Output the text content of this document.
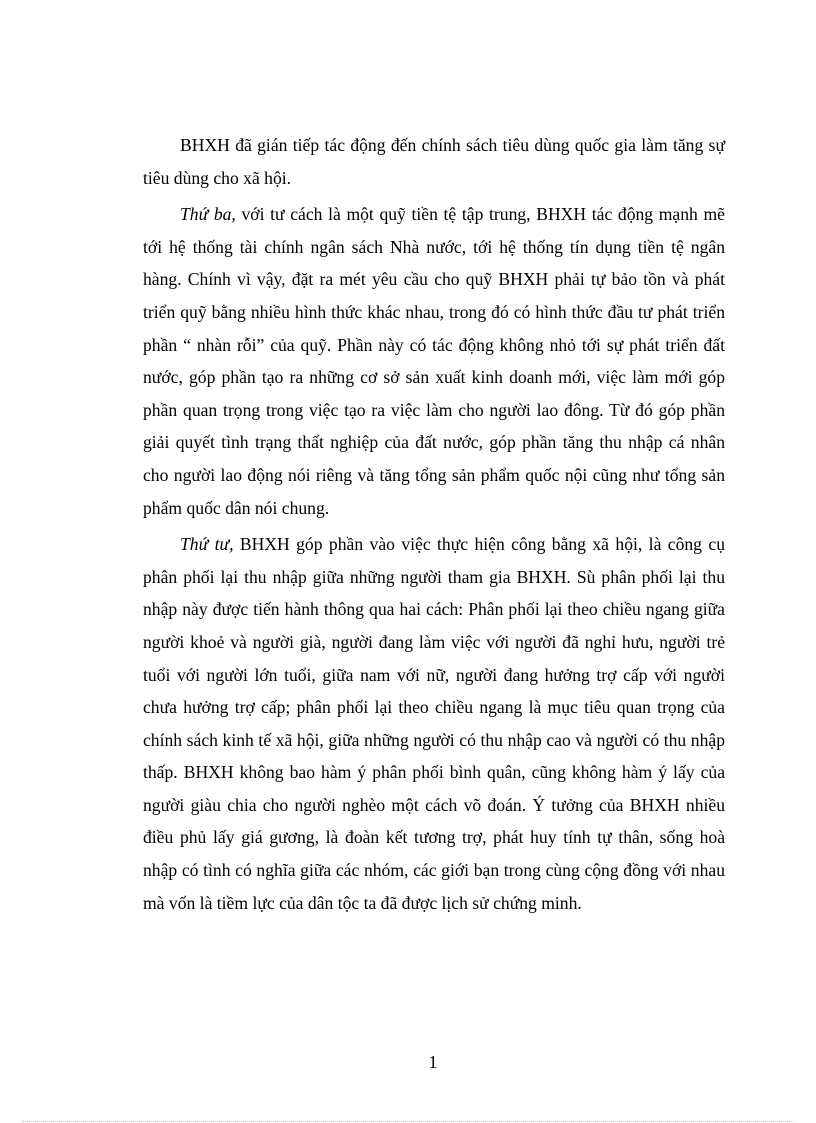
BHXH đã gián tiếp tác động đến chính sách tiêu dùng quốc gia làm tăng sự tiêu dùng cho xã hội.

Thứ ba, với tư cách là một quỹ tiền tệ tập trung, BHXH tác động mạnh mẽ tới hệ thống tài chính ngân sách Nhà nước, tới hệ thống tín dụng tiền tệ ngân hàng. Chính vì vậy, đặt ra mét yêu cầu cho quỹ BHXH phải tự bảo tồn và phát triển quỹ bằng nhiều hình thức khác nhau, trong đó có hình thức đầu tư phát triển phần “ nhàn rỗi” của quỹ. Phần này có tác động không nhỏ tới sự phát triển đất nước, góp phần tạo ra những cơ sở sản xuất kinh doanh mới, việc làm mới góp phần quan trọng trong việc tạo ra việc làm cho người lao đông. Từ đó góp phần giải quyết tình trạng thất nghiệp của đất nước, góp phần tăng thu nhập cá nhân cho người lao động nói riêng và tăng tổng sản phẩm quốc nội cũng như tổng sản phẩm quốc dân nói chung.

Thứ tư, BHXH góp phần vào việc thực hiện công bằng xã hội, là công cụ phân phối lại thu nhập giữa những người tham gia BHXH. Sù phân phối lại thu nhập này được tiến hành thông qua hai cách: Phân phối lại theo chiều ngang giữa người khoẻ và người già, người đang làm việc với người đã nghỉ hưu, người trẻ tuổi với người lớn tuổi, giữa nam với nữ, người đang hưởng trợ cấp với người chưa hưởng trợ cấp; phân phối lại theo chiều ngang là mục tiêu quan trọng của chính sách kinh tế xã hội, giữa những người có thu nhập cao và người có thu nhập thấp. BHXH không bao hàm ý phân phối bình quân, cũng không hàm ý lấy của người giàu chia cho người nghèo một cách võ đoán. Ý tưởng của BHXH nhiều điều phủ lấy giá gương, là đoàn kết tương trợ, phát huy tính tự thân, sống hoà nhập có tình có nghĩa giữa các nhóm, các giới bạn trong cùng cộng đồng với nhau mà vốn là tiềm lực của dân tộc ta đã được lịch sử chứng minh.

1
